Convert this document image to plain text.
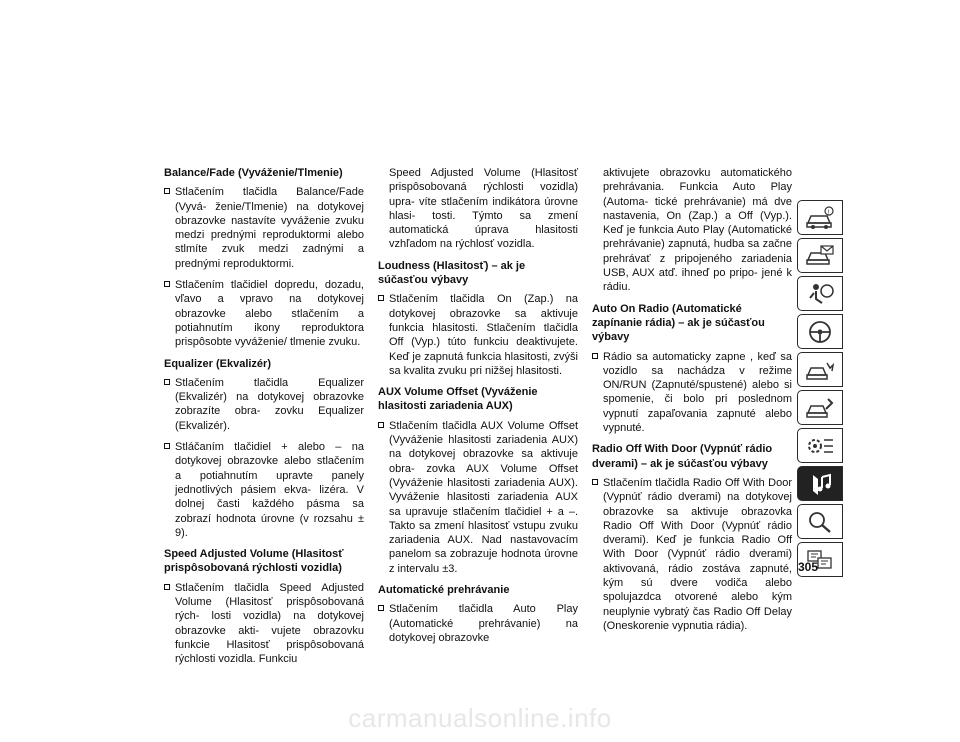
Balance/Fade (Vyváženie/Tlmenie)
Stlačením tlačidla Balance/Fade (Vyvá- ženie/Tlmenie) na dotykovej obrazovke nastavíte vyváženie zvuku medzi prednými reproduktormi alebo stlmíte zvuk medzi zadnými a prednými reproduktormi.
Stlačením tlačidiel dopredu, dozadu, vľavo a vpravo na dotykovej obrazovke alebo stlačením a potiahnutím ikony reproduktora prispôsobte vyváženie/ tlmenie zvuku.
Equalizer (Ekvalizér)
Stlačením tlačidla Equalizer (Ekvalizér) na dotykovej obrazovke zobrazíte obra- zovku Equalizer (Ekvalizér).
Stláčaním tlačidiel + alebo – na dotykovej obrazovke alebo stlačením a potiahnutím upravte panely jednotlivých pásiem ekva- lizéra. V dolnej časti každého pásma sa zobrazí hodnota úrovne (v rozsahu ± 9).
Speed Adjusted Volume (Hlasitosť prispôsobovaná rýchlosti vozidla)
Stlačením tlačidla Speed Adjusted Volume (Hlasitosť prispôsobovaná rých- losti vozidla) na dotykovej obrazovke akti- vujete obrazovku funkcie Hlasitosť prispôsobovaná rýchlosti vozidla. Funkciu
Speed Adjusted Volume (Hlasitosť prispôsobovaná rýchlosti vozidla) upra- víte stlačením indikátora úrovne hlasi- tosti. Týmto sa zmení automatická úprava hlasitosti vzhľadom na rýchlosť vozidla.
Loudness (Hlasitosť) – ak je súčasťou výbavy
Stlačením tlačidla On (Zap.) na dotykovej obrazovke sa aktivuje funkcia hlasitosti. Stlačením tlačidla Off (Vyp.) túto funkciu deaktivujete. Keď je zapnutá funkcia hlasitosti, zvýši sa kvalita zvuku pri nižšej hlasitosti.
AUX Volume Offset (Vyváženie hlasitosti zariadenia AUX)
Stlačením tlačidla AUX Volume Offset (Vyváženie hlasitosti zariadenia AUX) na dotykovej obrazovke sa aktivuje obra- zovka AUX Volume Offset (Vyváženie hlasitosti zariadenia AUX). Vyváženie hlasitosti zariadenia AUX sa upravuje stlačením tlačidiel + a –. Takto sa zmení hlasitosť vstupu zvuku zariadenia AUX. Nad nastavovacím panelom sa zobrazuje hodnota úrovne z intervalu ±3.
Automatické prehrávanie
Stlačením tlačidla Auto Play (Automatické prehrávanie) na dotykovej obrazovke
aktivujete obrazovku automatického prehrávania. Funkcia Auto Play (Automa- tické prehrávanie) má dve nastavenia, On (Zap.) a Off (Vyp.). Keď je funkcia Auto Play (Automatické prehrávanie) zapnutá, hudba sa začne prehrávať z pripojeného zariadenia USB, AUX atď. ihneď po pripo- jené k rádiu.
Auto On Radio (Automatické zapínanie rádia) – ak je súčasťou výbavy
Rádio sa automaticky zapne , keď sa vozidlo sa nachádza v režime ON/RUN (Zapnuté/spustené) alebo si spomenie, či bolo pri poslednom vypnutí zapaľovania zapnuté alebo vypnuté.
Radio Off With Door (Vypnúť rádio dverami) – ak je súčasťou výbavy
Stlačením tlačidla Radio Off With Door (Vypnúť rádio dverami) na dotykovej obrazovke sa aktivuje obrazovka Radio Off With Door (Vypnúť rádio dverami). Keď je funkcia Radio Off With Door (Vypnúť rádio dverami) aktivovaná, rádio zostáva zapnuté, kým sú dvere vodiča alebo spolujazdca otvorené alebo kým neuplynie vybratý čas Radio Off Delay (Oneskorenie vypnutia rádia).
i
305
carmanualsonline.info
